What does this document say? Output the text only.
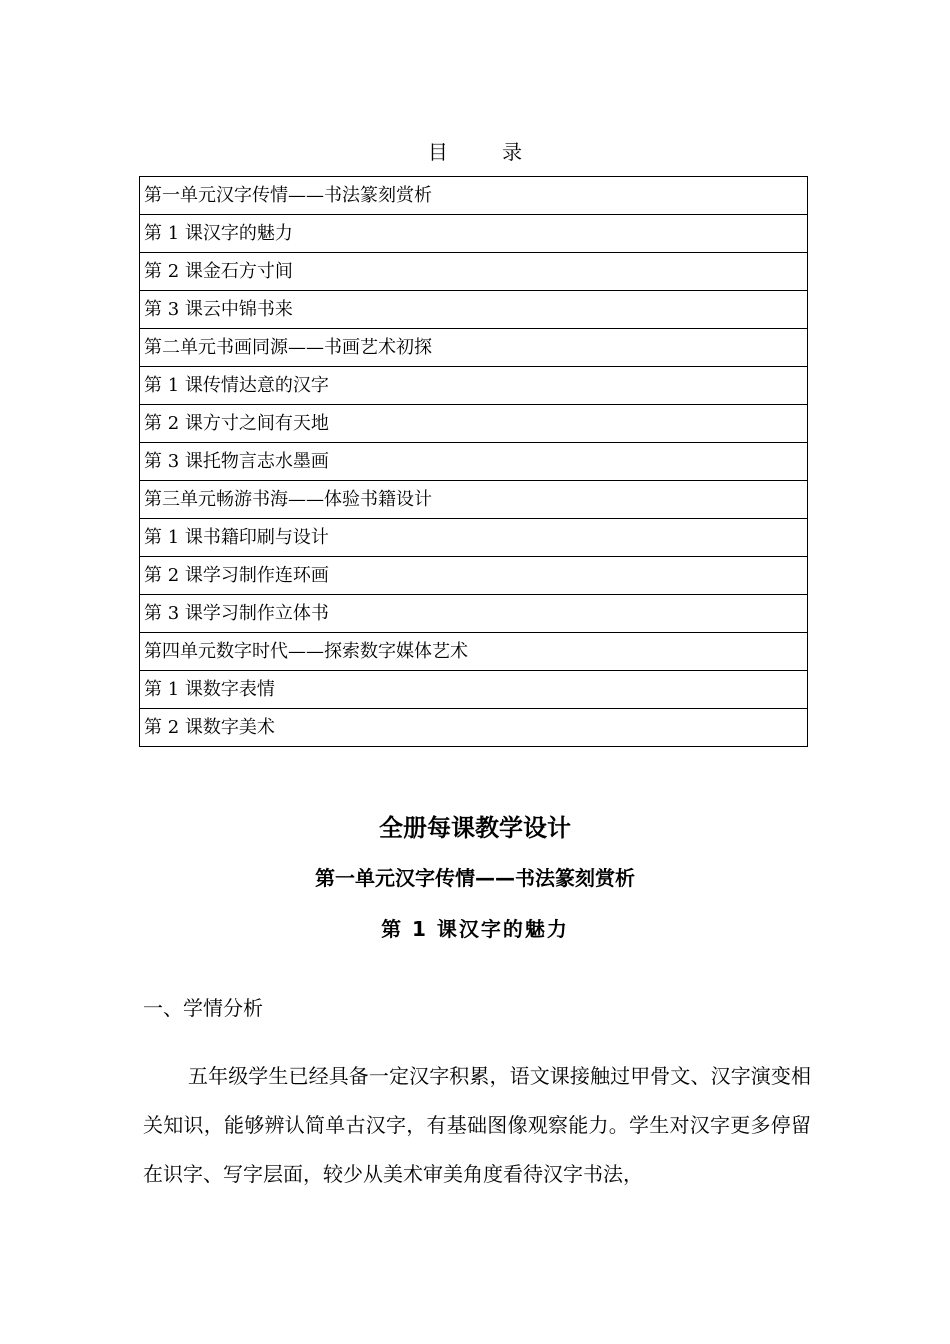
目 录
第一单元汉字传情——书法篆刻赏析
第 1 课汉字的魅力
第 2 课金石方寸间
第 3 课云中锦书来
第二单元书画同源——书画艺术初探
第 1 课传情达意的汉字
第 2 课方寸之间有天地
第 3 课托物言志水墨画
第三单元畅游书海——体验书籍设计
第 1 课书籍印刷与设计
第 2 课学习制作连环画
第 3 课学习制作立体书
第四单元数字时代——探索数字媒体艺术
第 1 课数字表情
第 2 课数字美术
全册每课教学设计
第一单元汉字传情——书法篆刻赏析
第 1 课汉字的魅力
一、学情分析

五年级学生已经具备一定汉字积累，语文课接触过甲骨文、汉字演变相关知识，能够辨认简单古汉字，有基础图像观察能力。学生对汉字更多停留在识字、写字层面，较少从美术审美角度看待汉字书法，
